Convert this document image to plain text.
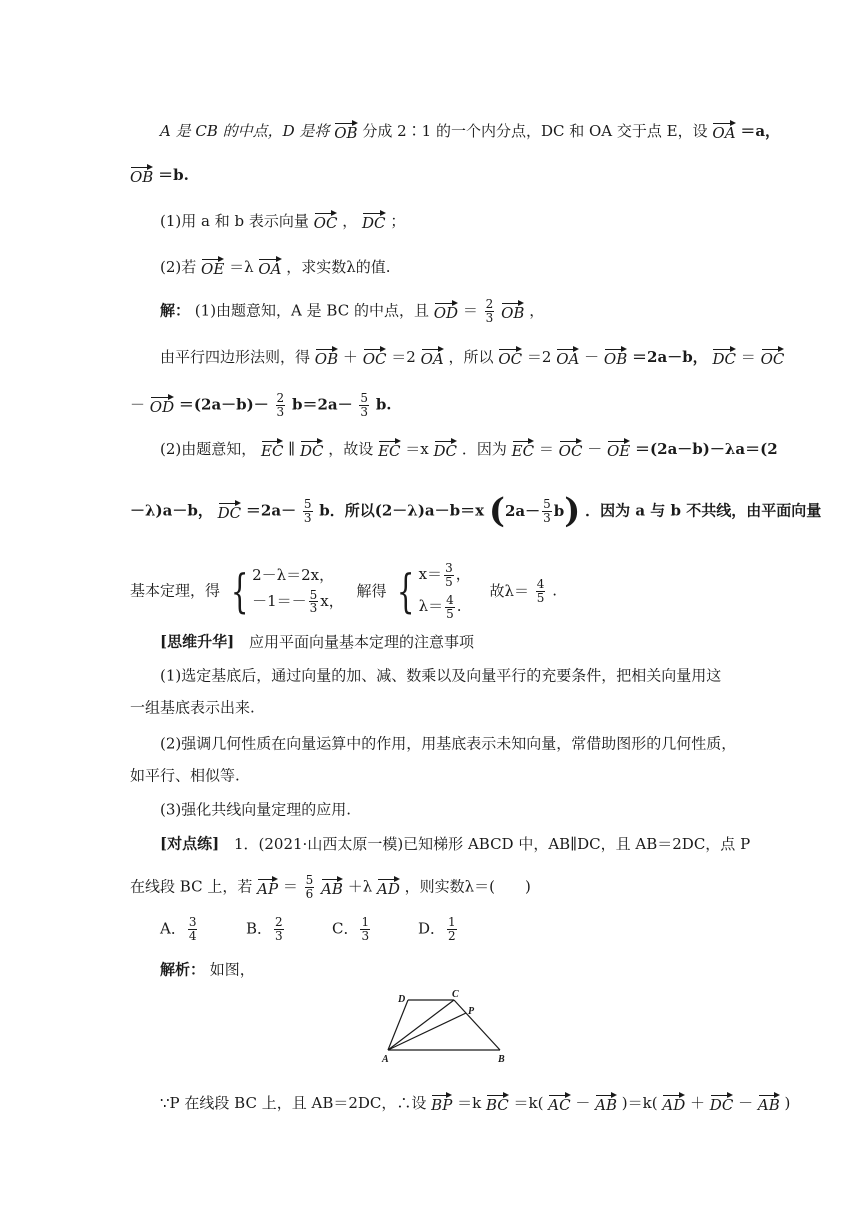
A 是 CB 的中点，D 是将 OB 分成 2∶1 的一个内分点，DC 和 OA 交于点 E，设 OA ＝a，
OB ＝b.
(1)用 a 和 b 表示向量 OC ， DC ；
(2)若 OE ＝λ OA ，求实数λ的值.
解： (1)由题意知，A 是 BC 的中点，且 OD ＝ $\frac{2}{3}$ OB ，
由平行四边形法则，得 OB ＋ OC ＝2 OA ，所以 OC ＝2 OA － OB ＝2a－b， DC ＝ OC
－ OD $=(2a-b)- \frac{2}{3} b=2a- \frac{5}{3} b$.
(2)由题意知， EC ∥ DC ，故设 EC ＝x DC ．因为 EC ＝ OC － OE ＝(2a－b)－λa＝(2
－λ)a－b， DC $=2a- \frac{5}{3}$ b．所以(2－λ)a－b＝x ( $2a- \frac{5}{3}$ b ) ．因为 a 与 b 不共线，由平面向量
基本定理，得 { 2－λ＝2x，
$-1=- \frac{5}{3}$ x，
解得 { $x= \frac{3}{5}$ ，
$\lambda= \frac{4}{5}$ .
故$\lambda= \frac{4}{5}$ .
[思维升华] 应用平面向量基本定理的注意事项
(1)选定基底后，通过向量的加、减、数乘以及向量平行的充要条件，把相关向量用这
一组基底表示出来.
(2)强调几何性质在向量运算中的作用，用基底表示未知向量，常借助图形的几何性质，
如平行、相似等.
(3)强化共线向量定理的应用.
[对点练] 1．(2021·山西太原一模)已知梯形 ABCD 中，AB∥DC，且 AB＝2DC，点 P
在线段 BC 上，若 AP ＝ $\frac{5}{6}$ AB ＋λ AD ，则实数λ＝(　　)
A． $\frac{3}{4}$	B． $\frac{2}{3}$	C． $\frac{1}{3}$	D． $\frac{1}{2}$
解析： 如图，
A	B
C
D
P
∵P 在线段 BC 上，且 AB＝2DC，∴设 BP ＝k BC ＝k( AC － AB )＝k( AD ＋ DC － AB )
